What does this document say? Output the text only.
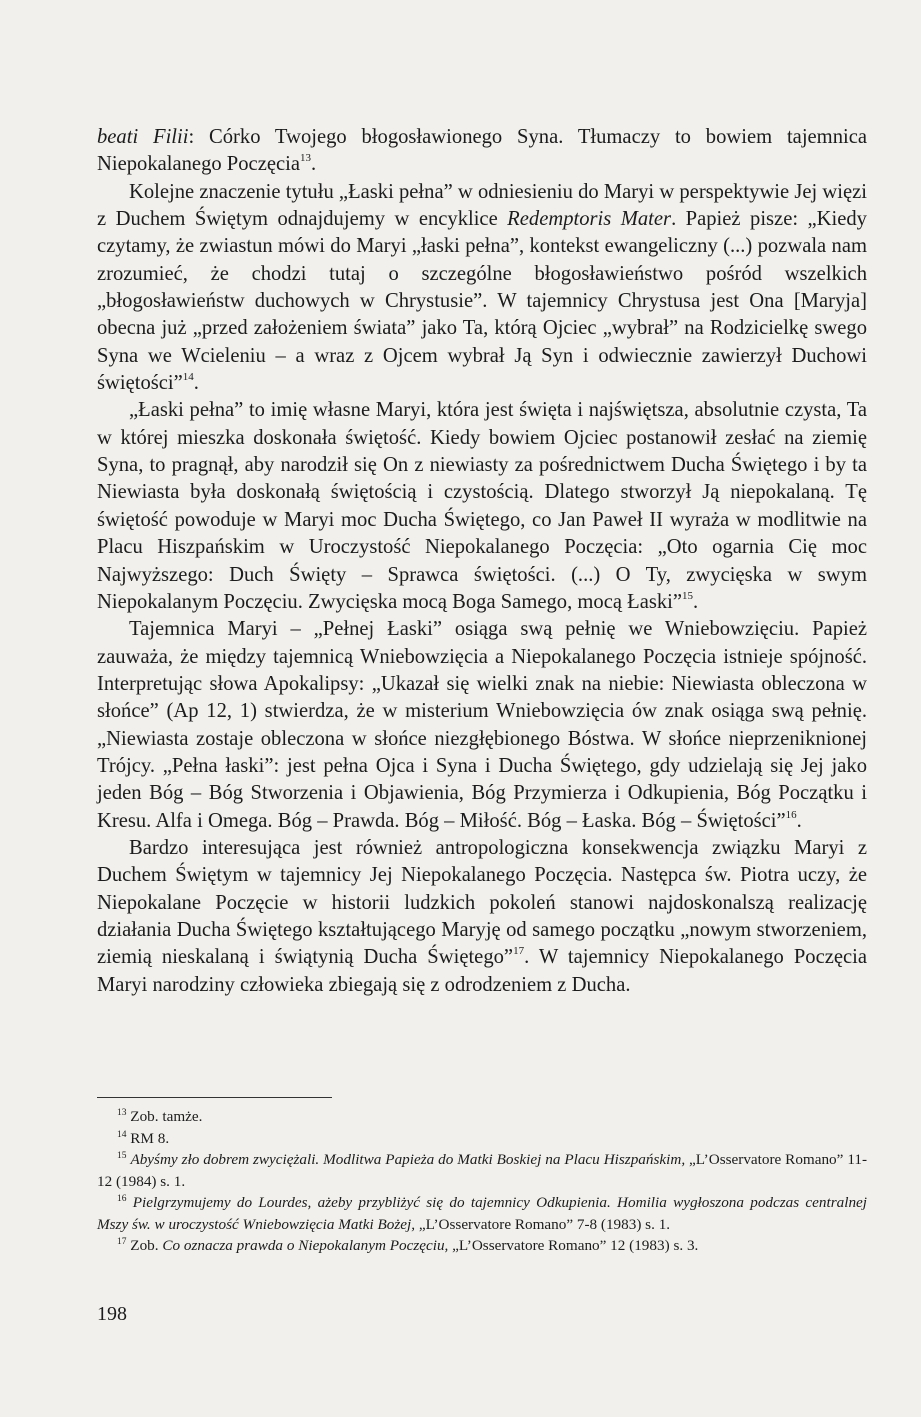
beati Filii: Córko Twojego błogosławionego Syna. Tłumaczy to bowiem tajemnica Niepokalanego Poczęcia$^{13}$.

Kolejne znaczenie tytułu „Łaski pełna” w odniesieniu do Maryi w perspektywie Jej więzi z Duchem Świętym odnajdujemy w encyklice Redemptoris Mater. Papież pisze: „Kiedy czytamy, że zwiastun mówi do Maryi „łaski pełna”, kontekst ewangeliczny (...) pozwala nam zrozumieć, że chodzi tutaj o szczególne błogosławieństwo pośród wszelkich „błogosławieństw duchowych w Chrystusie”. W tajemnicy Chrystusa jest Ona [Maryja] obecna już „przed założeniem świata” jako Ta, którą Ojciec „wybrał” na Rodzicielkę swego Syna we Wcieleniu – a wraz z Ojcem wybrał Ją Syn i odwiecznie zawierzył Duchowi świętości”$^{14}$.

„Łaski pełna” to imię własne Maryi, która jest święta i najświętsza, absolutnie czysta, Ta w której mieszka doskonała świętość. Kiedy bowiem Ojciec postanowił zesłać na ziemię Syna, to pragnął, aby narodził się On z niewiasty za pośrednictwem Ducha Świętego i by ta Niewiasta była doskonałą świętością i czystością. Dlatego stworzył Ją niepokalaną. Tę świętość powoduje w Maryi moc Ducha Świętego, co Jan Paweł II wyraża w modlitwie na Placu Hiszpańskim w Uroczystość Niepokalanego Poczęcia: „Oto ogarnia Cię moc Najwyższego: Duch Święty – Sprawca świętości. (...) O Ty, zwycięska w swym Niepokalanym Poczęciu. Zwycięska mocą Boga Samego, mocą Łaski”$^{15}$.

Tajemnica Maryi – „Pełnej Łaski” osiąga swą pełnię we Wniebowzięciu. Papież zauważa, że między tajemnicą Wniebowzięcia a Niepokalanego Poczęcia istnieje spójność. Interpretując słowa Apokalipsy: „Ukazał się wielki znak na niebie: Niewiasta obleczona w słońce” (Ap 12, 1) stwierdza, że w misterium Wniebowzięcia ów znak osiąga swą pełnię. „Niewiasta zostaje obleczona w słońce niezgłębionego Bóstwa. W słońce nieprzeniknionej Trójcy. „Pełna łaski”: jest pełna Ojca i Syna i Ducha Świętego, gdy udzielają się Jej jako jeden Bóg – Bóg Stworzenia i Objawienia, Bóg Przymierza i Odkupienia, Bóg Początku i Kresu. Alfa i Omega. Bóg – Prawda. Bóg – Miłość. Bóg – Łaska. Bóg – Świętości”$^{16}$.

Bardzo interesująca jest również antropologiczna konsekwencja związku Maryi z Duchem Świętym w tajemnicy Jej Niepokalanego Poczęcia. Następca św. Piotra uczy, że Niepokalane Poczęcie w historii ludzkich pokoleń stanowi najdoskonalszą realizację działania Ducha Świętego kształtującego Maryję od samego początku „nowym stworzeniem, ziemią nieskalaną i świątynią Ducha Świętego”$^{17}$. W tajemnicy Niepokalanego Poczęcia Maryi narodziny człowieka zbiegają się z odrodzeniem z Ducha.

$^{13}$ Zob. tamże.

$^{14}$ RM 8.

$^{15}$ Abyśmy zło dobrem zwyciężali. Modlitwa Papieża do Matki Boskiej na Placu Hiszpańskim, „L’Osservatore Romano” 11-12 (1984) s. 1.

$^{16}$ Pielgrzymujemy do Lourdes, ażeby przybliżyć się do tajemnicy Odkupienia. Homilia wygłoszona podczas centralnej Mszy św. w uroczystość Wniebowzięcia Matki Bożej, „L’Osservatore Romano” 7-8 (1983) s. 1.

$^{17}$ Zob. Co oznacza prawda o Niepokalanym Poczęciu, „L’Osservatore Romano” 12 (1983) s. 3.

198
